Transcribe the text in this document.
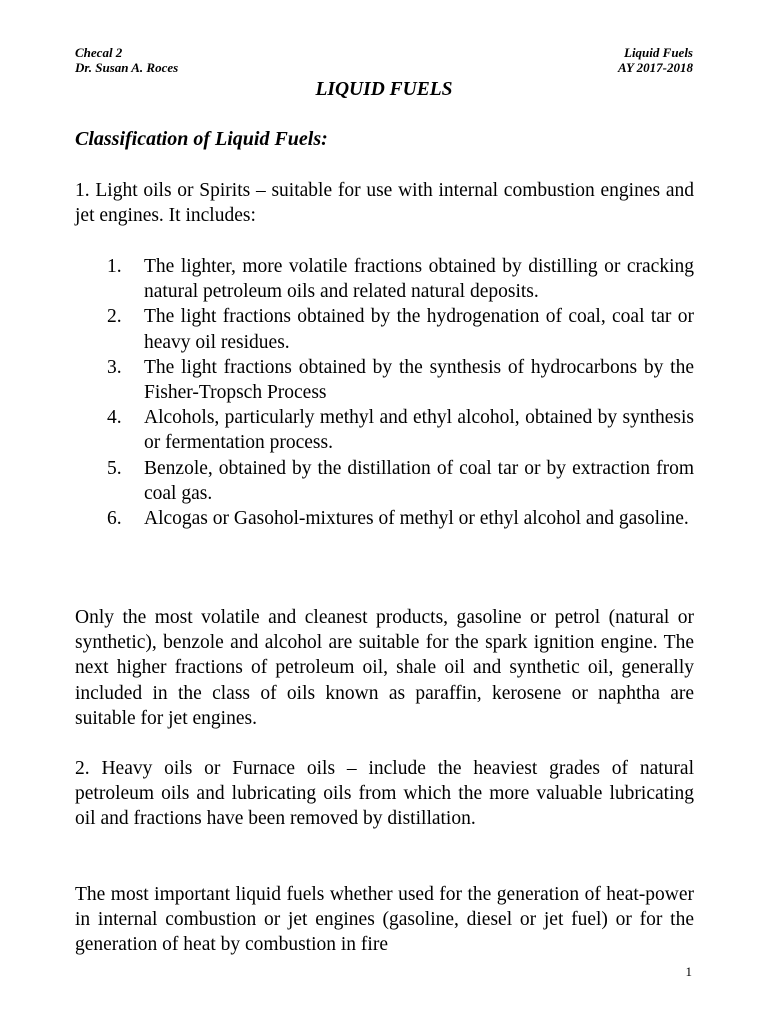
Checal 2
Dr. Susan A. Roces
Liquid Fuels
AY 2017-2018
LIQUID FUELS
Classification of Liquid Fuels:

1. Light oils or Spirits – suitable for use with internal combustion engines and jet engines. It includes:

1.	The lighter, more volatile fractions obtained by distilling or cracking natural petroleum oils and related natural deposits.
2.	The light fractions obtained by the hydrogenation of coal, coal tar or heavy oil residues.
3.	The light fractions obtained by the synthesis of hydrocarbons by the Fisher-Tropsch Process
4.	Alcohols, particularly methyl and ethyl alcohol, obtained by synthesis or fermentation process.
5.	Benzole, obtained by the distillation of coal tar or by extraction from coal gas.
6.	Alcogas or Gasohol-mixtures of methyl or ethyl alcohol and gasoline.

Only the most volatile and cleanest products, gasoline or petrol (natural or synthetic), benzole and alcohol are suitable for the spark ignition engine. The next higher fractions of petroleum oil, shale oil and synthetic oil, generally included in the class of oils known as paraffin, kerosene or naphtha are suitable for jet engines.

2. Heavy oils or Furnace oils – include the heaviest grades of natural petroleum oils and lubricating oils from which the more valuable lubricating oil and fractions have been removed by distillation.

The most important liquid fuels whether used for the generation of heat-power in internal combustion or jet engines (gasoline, diesel or jet fuel) or for the generation of heat by combustion in fire

1
